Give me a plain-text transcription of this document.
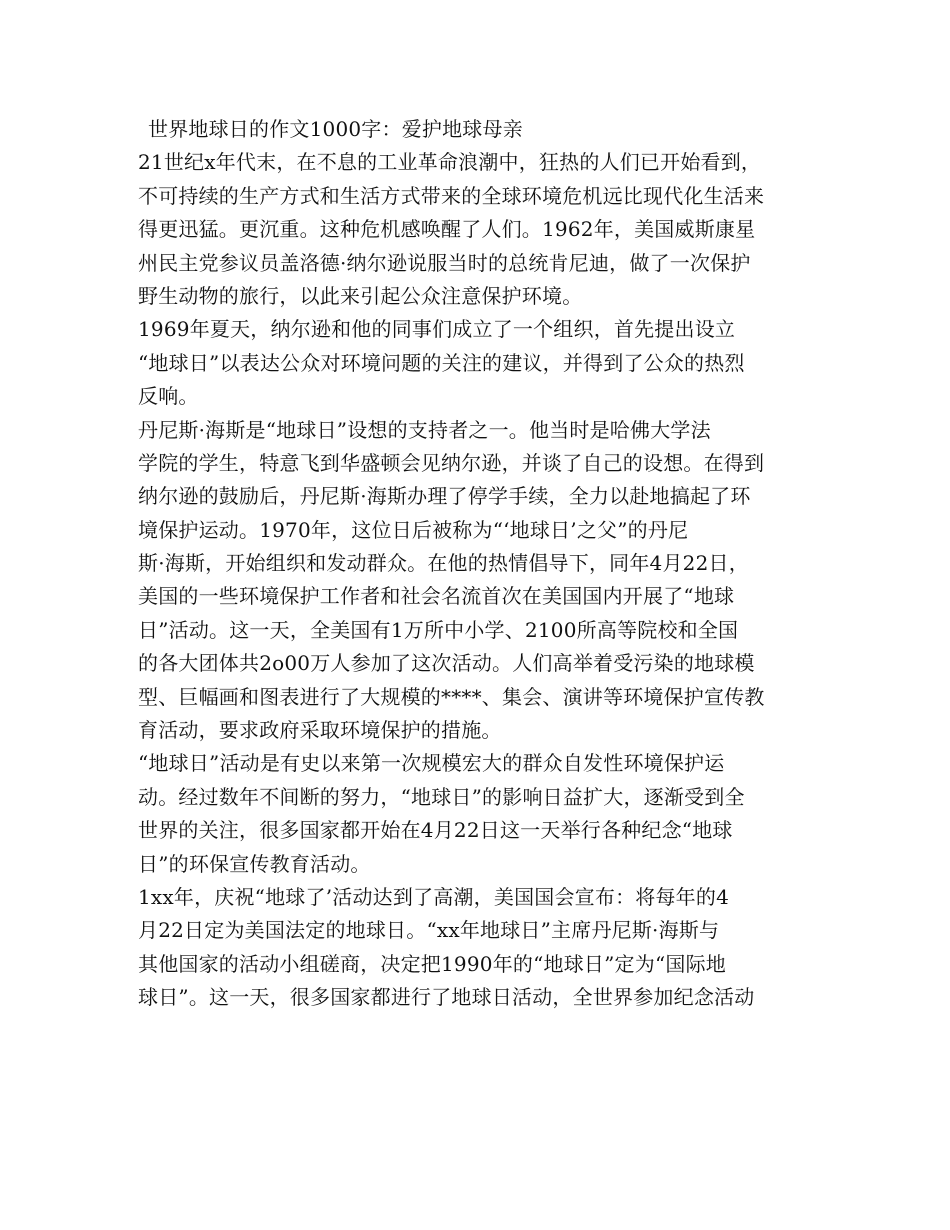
世界地球日的作文1000字：爱护地球母亲
21世纪x年代末，在不息的工业革命浪潮中，狂热的人们已开始看到，
不可持续的生产方式和生活方式带来的全球环境危机远比现代化生活来
得更迅猛。更沉重。这种危机感唤醒了人们。1962年，美国威斯康星
州民主党参议员盖洛德·纳尔逊说服当时的总统肯尼迪，做了一次保护
野生动物的旅行，以此来引起公众注意保护环境。
1969年夏天，纳尔逊和他的同事们成立了一个组织，首先提出设立
“地球日”以表达公众对环境问题的关注的建议，并得到了公众的热烈
反响。
丹尼斯·海斯是“地球日”设想的支持者之一。他当时是哈佛大学法
学院的学生，特意飞到华盛顿会见纳尔逊，并谈了自己的设想。在得到
纳尔逊的鼓励后，丹尼斯·海斯办理了停学手续，全力以赴地搞起了环
境保护运动。1970年，这位日后被称为“‘地球日’之父”的丹尼
斯·海斯，开始组织和发动群众。在他的热情倡导下，同年4月22日，
美国的一些环境保护工作者和社会名流首次在美国国内开展了“地球
日”活动。这一天，全美国有1万所中小学、2100所高等院校和全国
的各大团体共2o00万人参加了这次活动。人们高举着受污染的地球模
型、巨幅画和图表进行了大规模的****、集会、演讲等环境保护宣传教
育活动，要求政府采取环境保护的措施。
“地球日”活动是有史以来第一次规模宏大的群众自发性环境保护运
动。经过数年不间断的努力，“地球日”的影响日益扩大，逐渐受到全
世界的关注，很多国家都开始在4月22日这一天举行各种纪念“地球
日”的环保宣传教育活动。
1xx年，庆祝“地球了’活动达到了高潮，美国国会宣布：将每年的4
月22日定为美国法定的地球日。“xx年地球日”主席丹尼斯·海斯与
其他国家的活动小组磋商，决定把1990年的“地球日”定为“国际地
球日”。这一天，很多国家都进行了地球日活动，全世界参加纪念活动
